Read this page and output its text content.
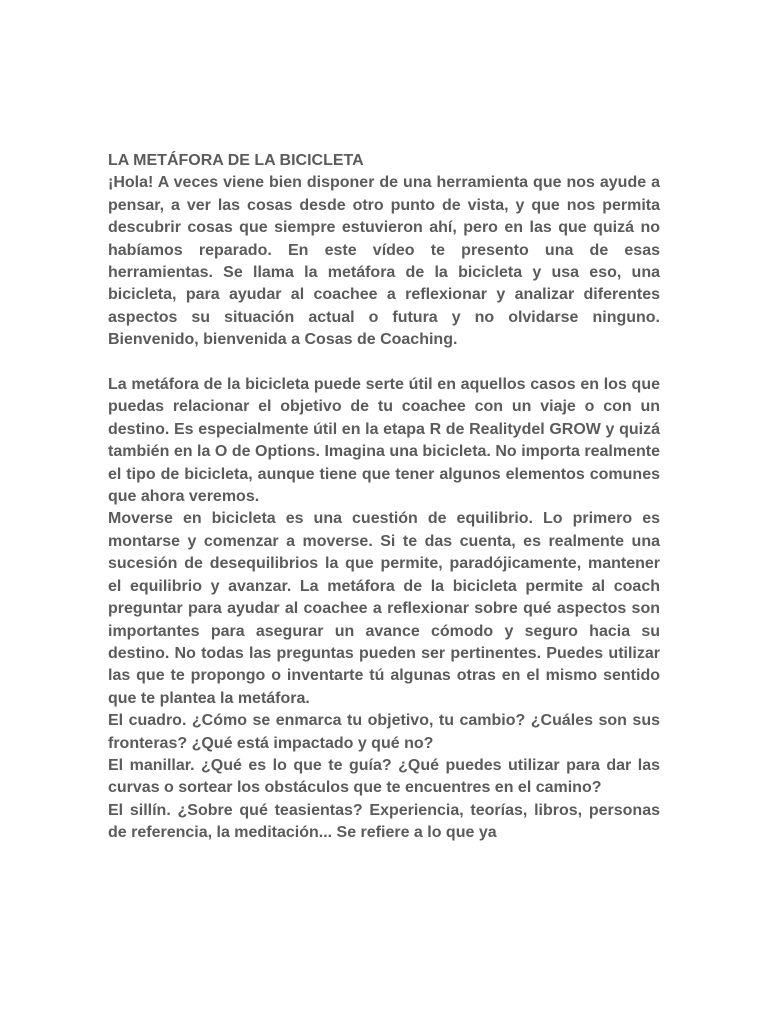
LA METÁFORA DE LA BICICLETA

¡Hola! A veces viene bien disponer de una herramienta que nos ayude a pensar, a ver las cosas desde otro punto de vista, y que nos permita descubrir cosas que siempre estuvieron ahí, pero en las que quizá no habíamos reparado. En este vídeo te presento una de esas herramientas. Se llama la metáfora de la bicicleta y usa eso, una bicicleta, para ayudar al coachee a reflexionar y analizar diferentes aspectos su situación actual o futura y no olvidarse ninguno. Bienvenido, bienvenida a Cosas de Coaching.

La metáfora de la bicicleta puede serte útil en aquellos casos en los que puedas relacionar el objetivo de tu coachee con un viaje o con un destino. Es especialmente útil en la etapa R de Realitydel GROW y quizá también en la O de Options. Imagina una bicicleta. No importa realmente el tipo de bicicleta, aunque tiene que tener algunos elementos comunes que ahora veremos.

Moverse en bicicleta es una cuestión de equilibrio. Lo primero es montarse y comenzar a moverse. Si te das cuenta, es realmente una sucesión de desequilibrios la que permite, paradójicamente, mantener el equilibrio y avanzar. La metáfora de la bicicleta permite al coach preguntar para ayudar al coachee a reflexionar sobre qué aspectos son importantes para asegurar un avance cómodo y seguro hacia su destino. No todas las preguntas pueden ser pertinentes. Puedes utilizar las que te propongo o inventarte tú algunas otras en el mismo sentido que te plantea la metáfora.

El cuadro. ¿Cómo se enmarca tu objetivo, tu cambio? ¿Cuáles son sus fronteras? ¿Qué está impactado y qué no?

El manillar. ¿Qué es lo que te guía? ¿Qué puedes utilizar para dar las curvas o sortear los obstáculos que te encuentres en el camino?

El sillín. ¿Sobre qué teasientas? Experiencia, teorías, libros, personas de referencia, la meditación... Se refiere a lo que ya
